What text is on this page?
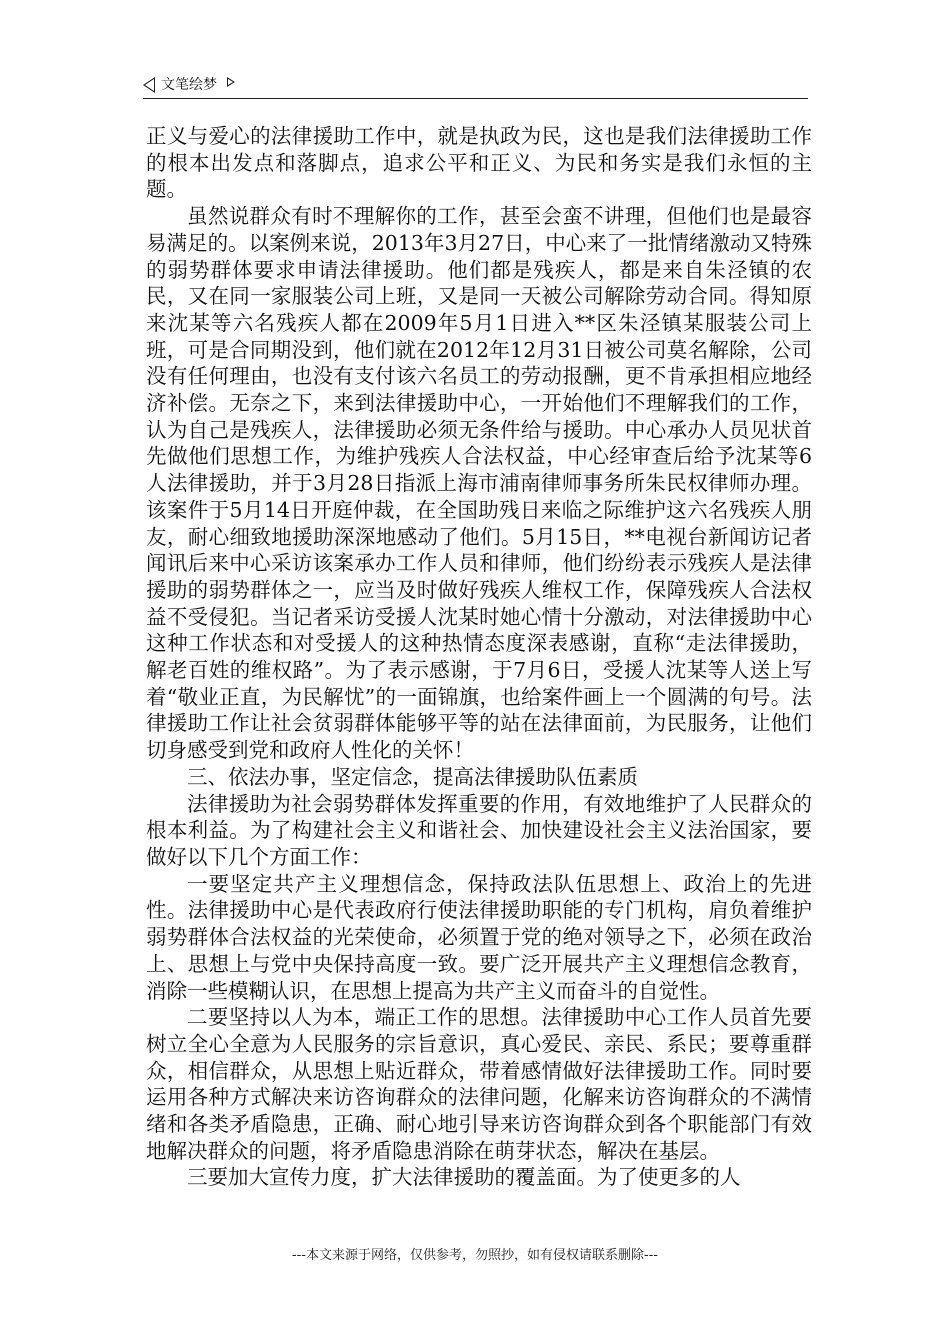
文笔绘梦

正义与爱心的法律援助工作中，就是执政为民，这也是我们法律援助工作的根本出发点和落脚点，追求公平和正义、为民和务实是我们永恒的主题。

虽然说群众有时不理解你的工作，甚至会蛮不讲理，但他们也是最容易满足的。以案例来说，2013年3月27日，中心来了一批情绪激动又特殊的弱势群体要求申请法律援助。他们都是残疾人，都是来自朱泾镇的农民，又在同一家服装公司上班，又是同一天被公司解除劳动合同。得知原来沈某等六名残疾人都在2009年5月1日进入**区朱泾镇某服装公司上班，可是合同期没到，他们就在2012年12月31日被公司莫名解除，公司没有任何理由，也没有支付该六名员工的劳动报酬，更不肯承担相应地经济补偿。无奈之下，来到法律援助中心，一开始他们不理解我们的工作，认为自己是残疾人，法律援助必须无条件给与援助。中心承办人员见状首先做他们思想工作，为维护残疾人合法权益，中心经审查后给予沈某等6人法律援助，并于3月28日指派上海市浦南律师事务所朱民权律师办理。该案件于5月14日开庭仲裁，在全国助残日来临之际维护这六名残疾人朋友，耐心细致地援助深深地感动了他们。5月15日，**电视台新闻访记者闻讯后来中心采访该案承办工作人员和律师，他们纷纷表示残疾人是法律援助的弱势群体之一，应当及时做好残疾人维权工作，保障残疾人合法权益不受侵犯。当记者采访受援人沈某时她心情十分激动，对法律援助中心这种工作状态和对受援人的这种热情态度深表感谢，直称“走法律援助，解老百姓的维权路”。为了表示感谢，于7月6日，受援人沈某等人送上写着“敬业正直，为民解忧”的一面锦旗，也给案件画上一个圆满的句号。法律援助工作让社会贫弱群体能够平等的站在法律面前，为民服务，让他们切身感受到党和政府人性化的关怀！

三、依法办事，坚定信念，提高法律援助队伍素质

法律援助为社会弱势群体发挥重要的作用，有效地维护了人民群众的根本利益。为了构建社会主义和谐社会、加快建设社会主义法治国家，要做好以下几个方面工作：

一要坚定共产主义理想信念，保持政法队伍思想上、政治上的先进性。法律援助中心是代表政府行使法律援助职能的专门机构，肩负着维护弱势群体合法权益的光荣使命，必须置于党的绝对领导之下，必须在政治上、思想上与党中央保持高度一致。要广泛开展共产主义理想信念教育，消除一些模糊认识，在思想上提高为共产主义而奋斗的自觉性。

二要坚持以人为本，端正工作的思想。法律援助中心工作人员首先要树立全心全意为人民服务的宗旨意识，真心爱民、亲民、系民；要尊重群众，相信群众，从思想上贴近群众，带着感情做好法律援助工作。同时要运用各种方式解决来访咨询群众的法律问题，化解来访咨询群众的不满情绪和各类矛盾隐患，正确、耐心地引导来访咨询群众到各个职能部门有效地解决群众的问题，将矛盾隐患消除在萌芽状态，解决在基层。

三要加大宣传力度，扩大法律援助的覆盖面。为了使更多的人

---本文来源于网络，仅供参考，勿照抄，如有侵权请联系删除---
